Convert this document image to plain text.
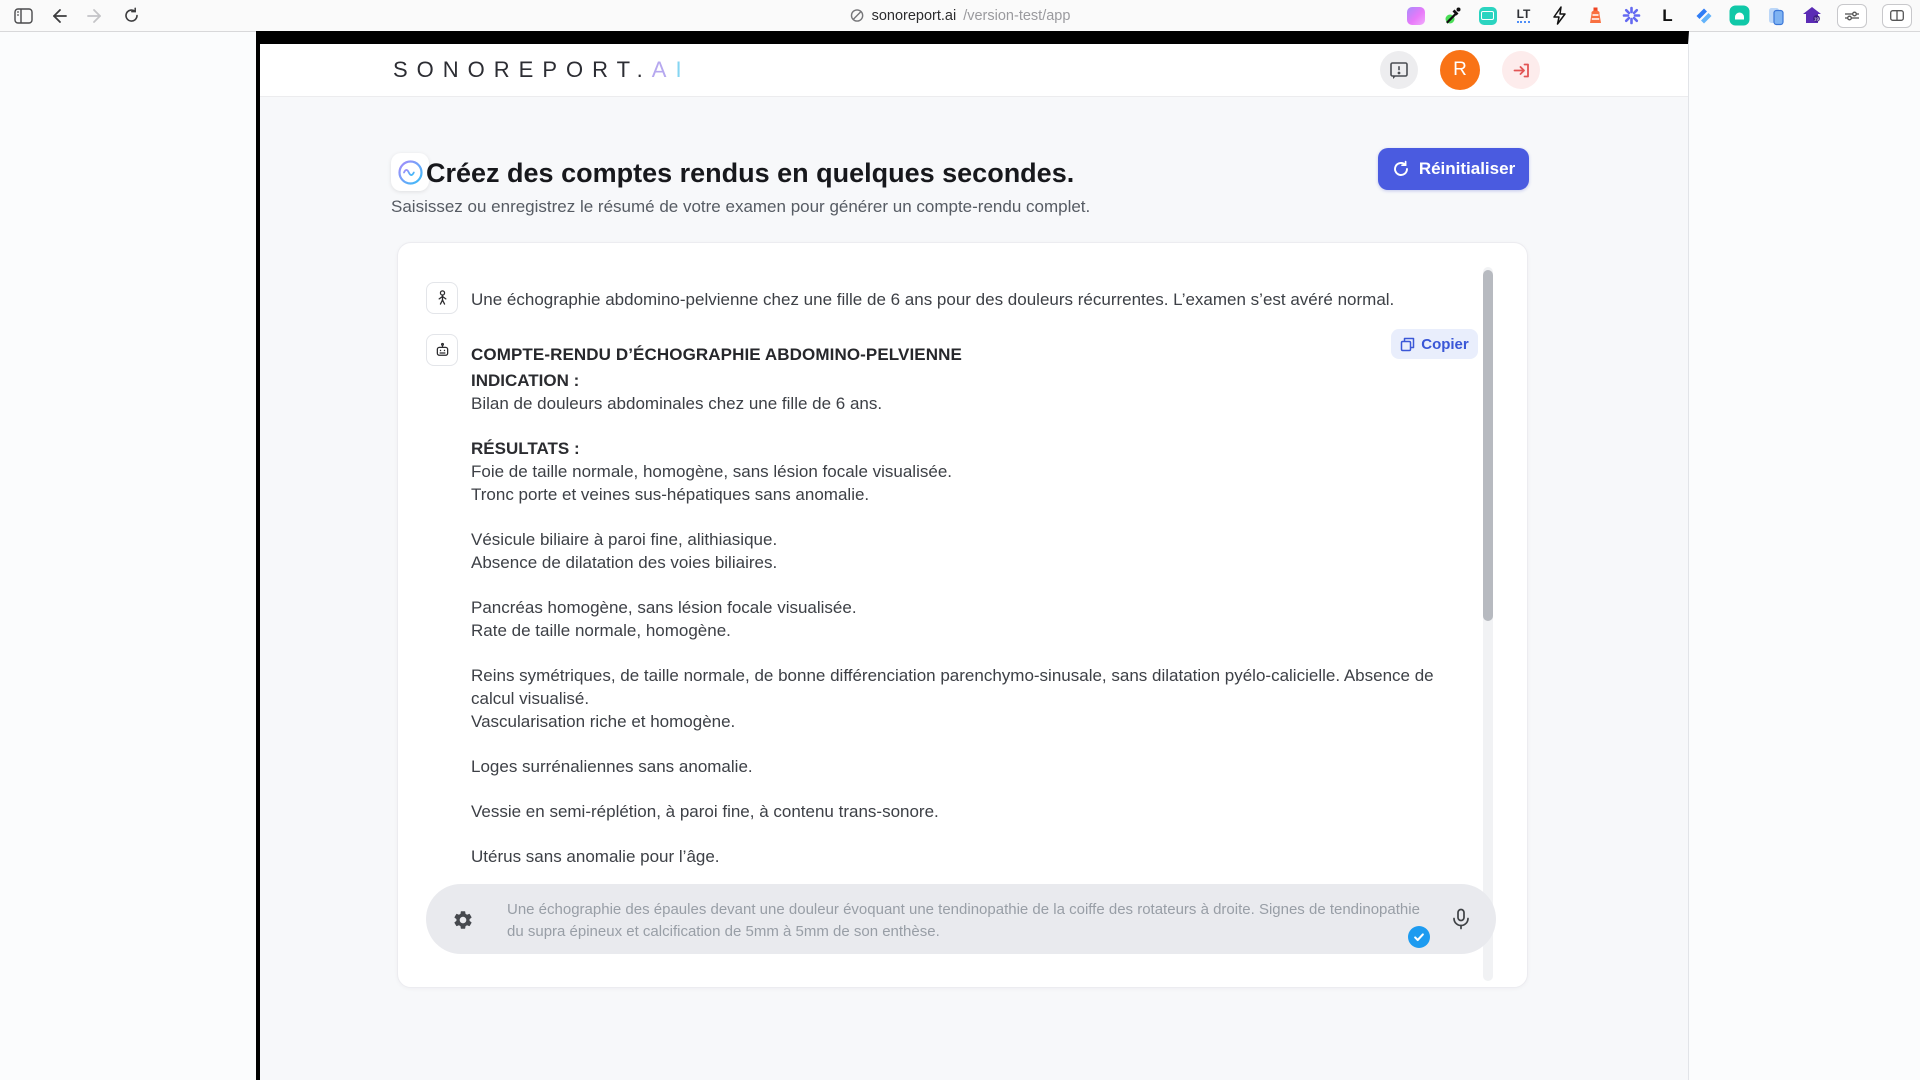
sonoreport.ai /version-test/app	LT	L	19
SONOREPORT. A I	R
Créez des comptes rendus en quelques secondes.
Saisissez ou enregistrez le résumé de votre examen pour générer un compte-rendu complet.
Réinitialiser
Une échographie abdomino-pelvienne chez une fille de 6 ans pour des douleurs récurrentes. L’examen s’est avéré normal.
COMPTE-RENDU D’ÉCHOGRAPHIE ABDOMINO-PELVIENNE
Copier
INDICATION :
Bilan de douleurs abdominales chez une fille de 6 ans.
RÉSULTATS :
Foie de taille normale, homogène, sans lésion focale visualisée.
Tronc porte et veines sus-hépatiques sans anomalie.
Vésicule biliaire à paroi fine, alithiasique.
Absence de dilatation des voies biliaires.
Pancréas homogène, sans lésion focale visualisée.
Rate de taille normale, homogène.
Reins symétriques, de taille normale, de bonne différenciation parenchymo-sinusale, sans dilatation pyélo-calicielle. Absence de calcul visualisé.
Vascularisation riche et homogène.
Loges surrénaliennes sans anomalie.
Vessie en semi-réplétion, à paroi fine, à contenu trans-sonore.
Utérus sans anomalie pour l’âge.
Une échographie des épaules devant une douleur évoquant une tendinopathie de la coiffe des rotateurs à droite. Signes de tendinopathie du supra épineux et calcification de 5mm à 5mm de son enthèse.
